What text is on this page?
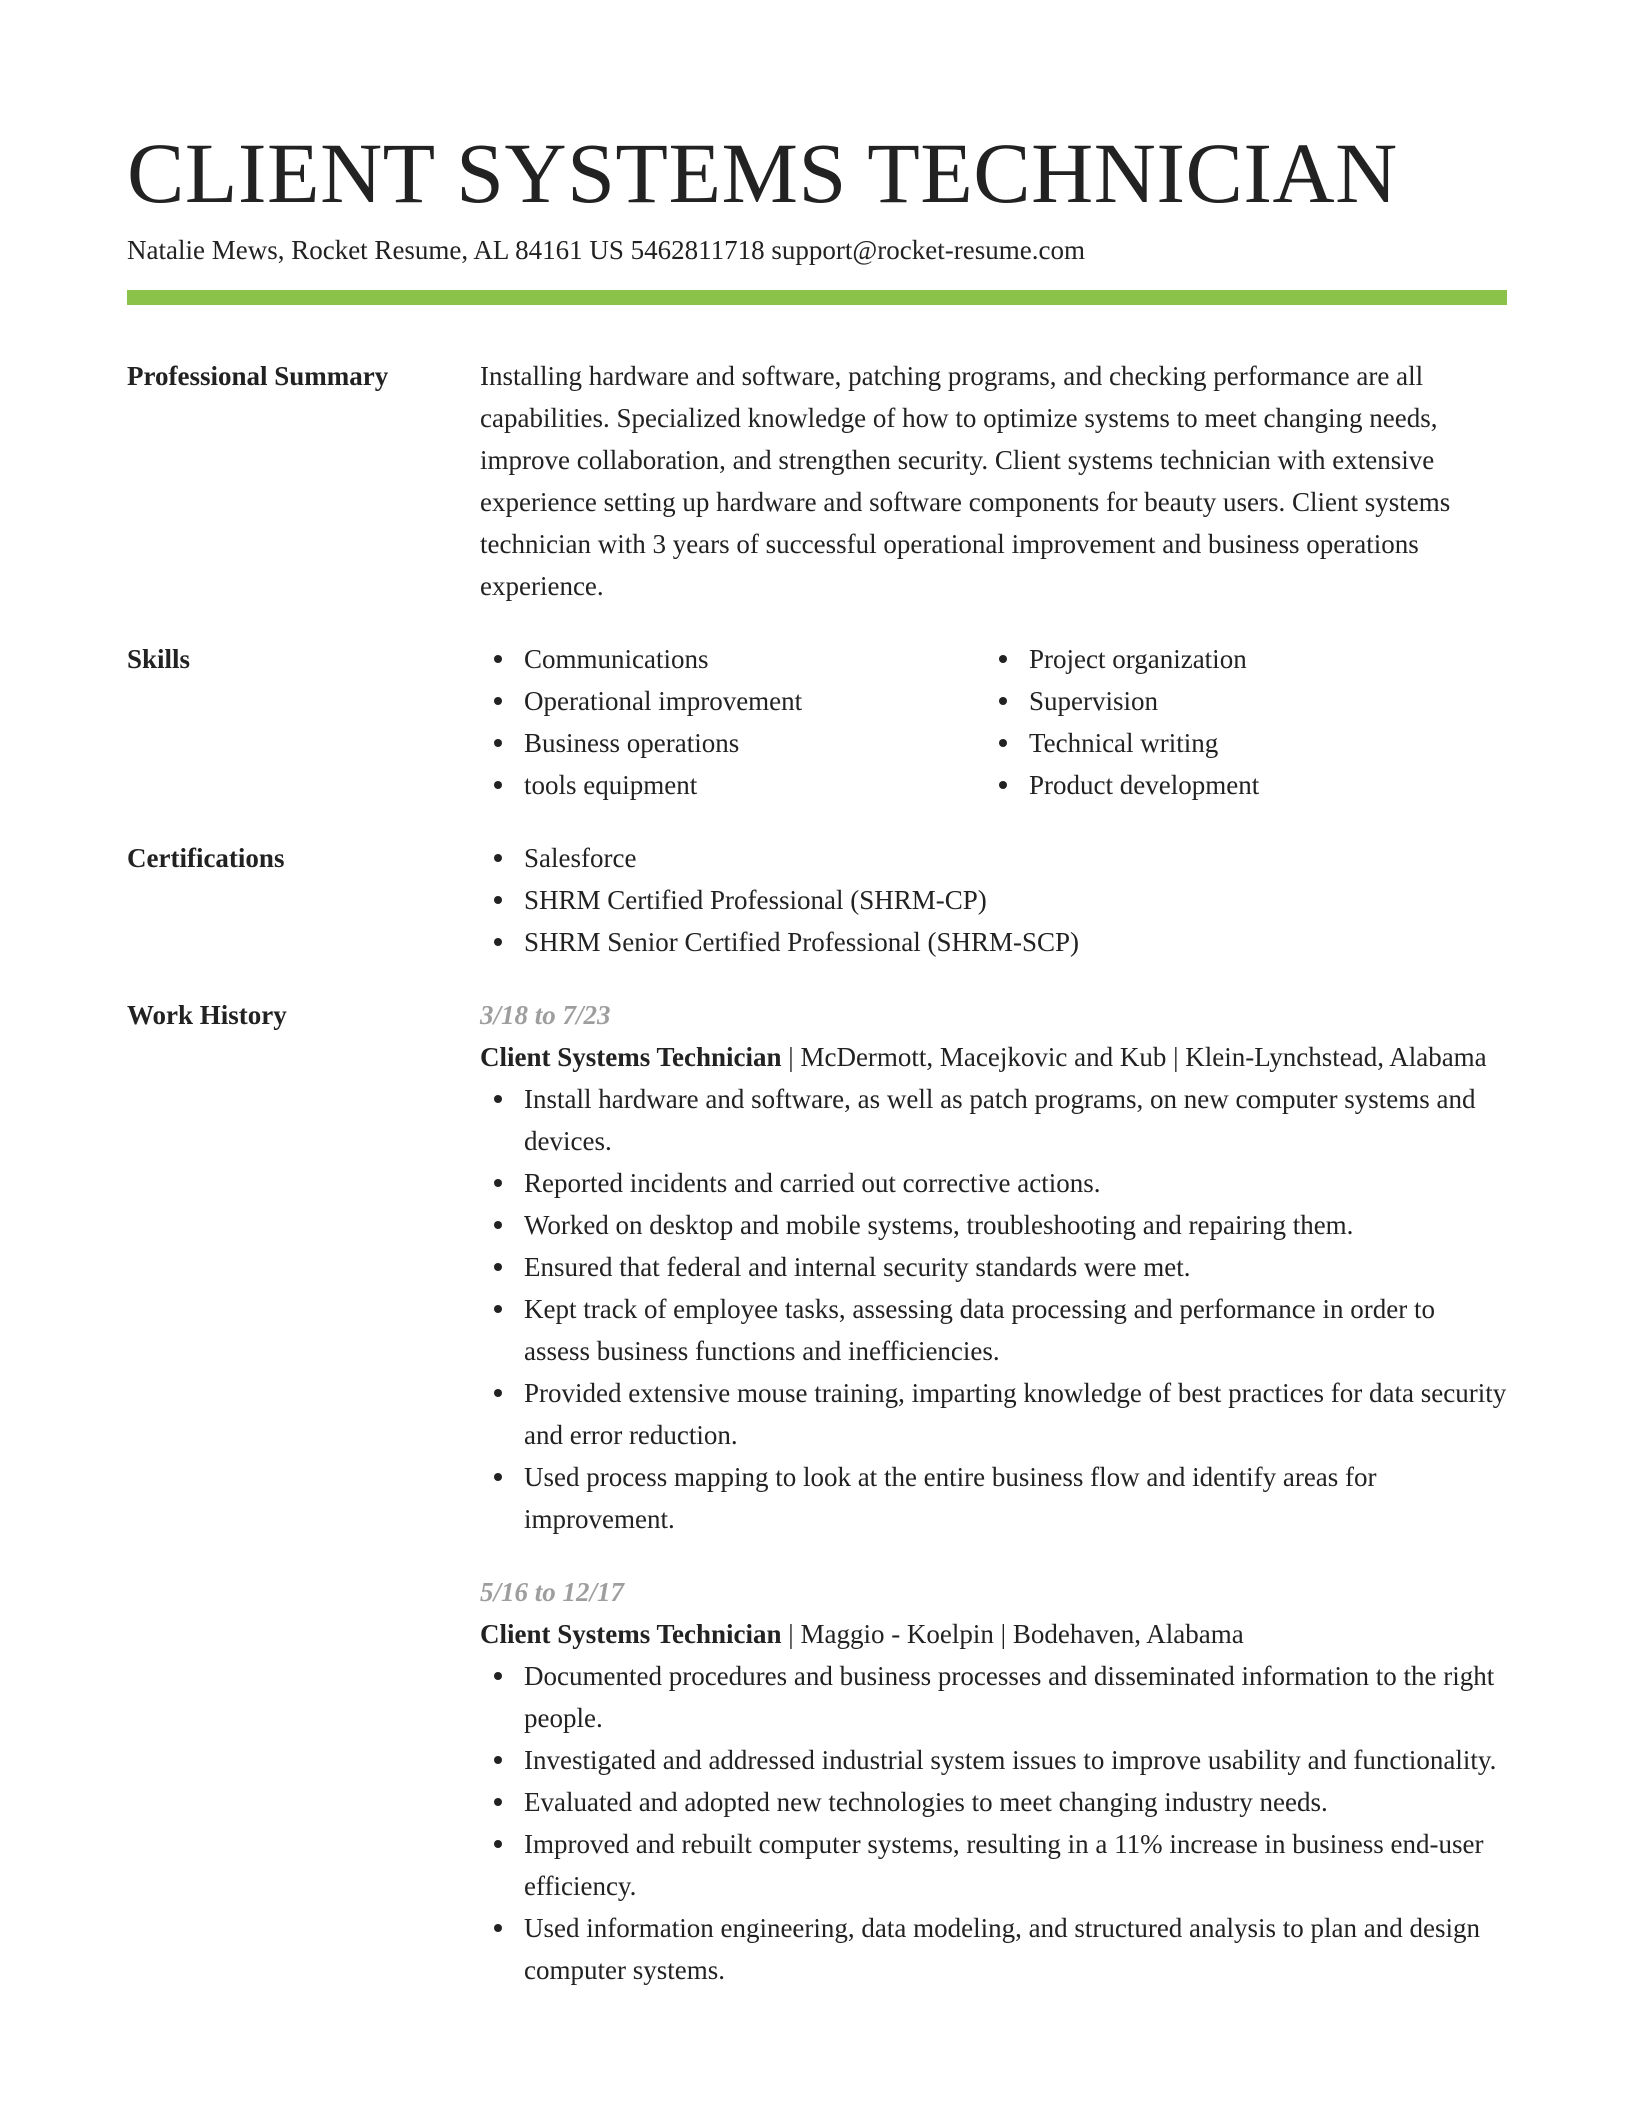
CLIENT SYSTEMS TECHNICIAN
Natalie Mews, Rocket Resume, AL 84161 US 5462811718 support@rocket-resume.com
Professional Summary	Installing hardware and software, patching programs, and checking performance are all capabilities. Specialized knowledge of how to optimize systems to meet changing needs, improve collaboration, and strengthen security. Client systems technician with extensive experience setting up hardware and software components for beauty users. Client systems technician with 3 years of successful operational improvement and business operations experience.
Skills	Communications
Operational improvement
Business operations
tools equipment
Project organization
Supervision
Technical writing
Product development
Certifications	Salesforce
SHRM Certified Professional (SHRM-CP)
SHRM Senior Certified Professional (SHRM-SCP)
Work History	3/18 to 7/23
Client Systems Technician | McDermott, Macejkovic and Kub | Klein-Lynchstead, Alabama
Install hardware and software, as well as patch programs, on new computer systems and devices.
Reported incidents and carried out corrective actions.
Worked on desktop and mobile systems, troubleshooting and repairing them.
Ensured that federal and internal security standards were met.
Kept track of employee tasks, assessing data processing and performance in order to assess business functions and inefficiencies.
Provided extensive mouse training, imparting knowledge of best practices for data security and error reduction.
Used process mapping to look at the entire business flow and identify areas for improvement.
5/16 to 12/17
Client Systems Technician | Maggio - Koelpin | Bodehaven, Alabama
Documented procedures and business processes and disseminated information to the right people.
Investigated and addressed industrial system issues to improve usability and functionality.
Evaluated and adopted new technologies to meet changing industry needs.
Improved and rebuilt computer systems, resulting in a 11% increase in business end-user efficiency.
Used information engineering, data modeling, and structured analysis to plan and design computer systems.
